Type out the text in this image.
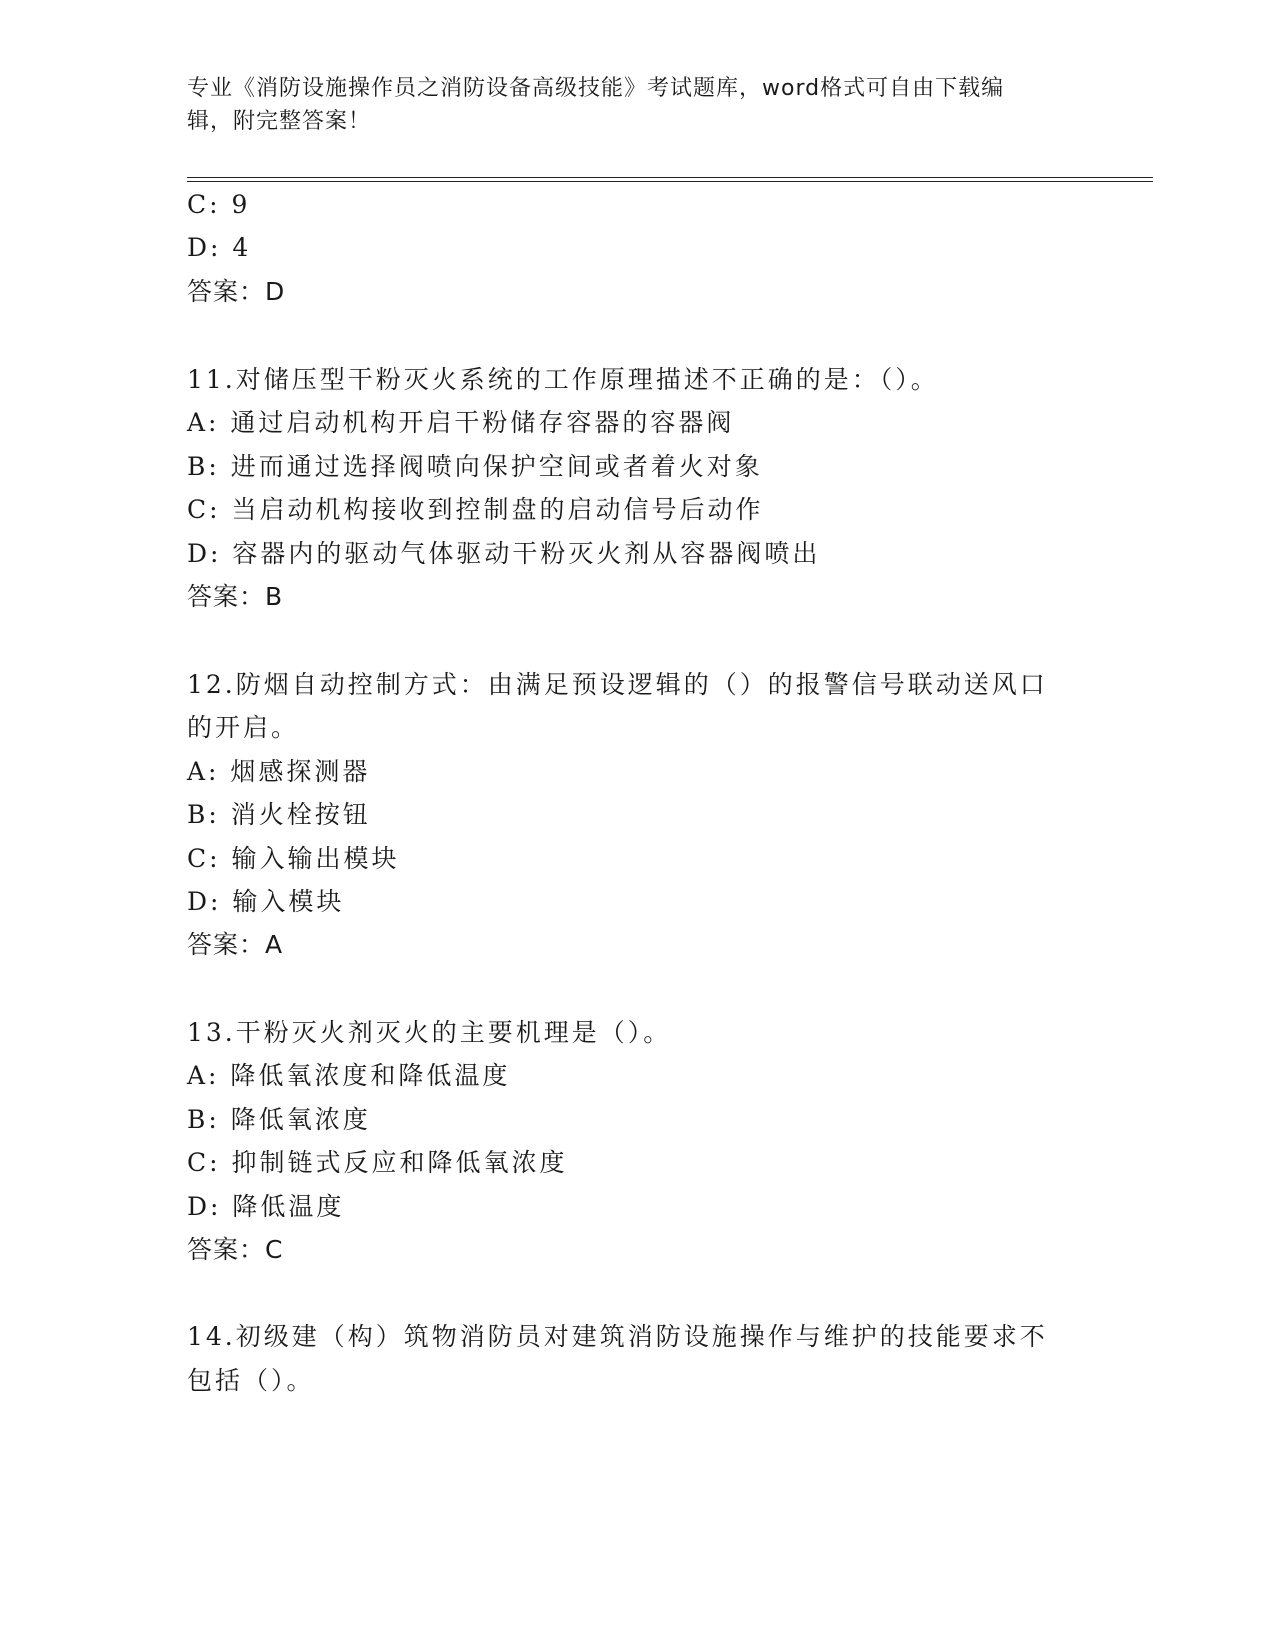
专业《消防设施操作员之消防设备高级技能》考试题库，word格式可自由下载编
辑，附完整答案！
C: 9
D: 4
答案：D
11.对储压型干粉灭火系统的工作原理描述不正确的是：（）。
A: 通过启动机构开启干粉储存容器的容器阀
B: 进而通过选择阀喷向保护空间或者着火对象
C: 当启动机构接收到控制盘的启动信号后动作
D: 容器内的驱动气体驱动干粉灭火剂从容器阀喷出
答案：B
12.防烟自动控制方式：由满足预设逻辑的（）的报警信号联动送风口
的开启。
A: 烟感探测器
B: 消火栓按钮
C: 输入输出模块
D: 输入模块
答案：A
13.干粉灭火剂灭火的主要机理是（）。
A: 降低氧浓度和降低温度
B: 降低氧浓度
C: 抑制链式反应和降低氧浓度
D: 降低温度
答案：C
14.初级建（构）筑物消防员对建筑消防设施操作与维护的技能要求不
包括（）。
